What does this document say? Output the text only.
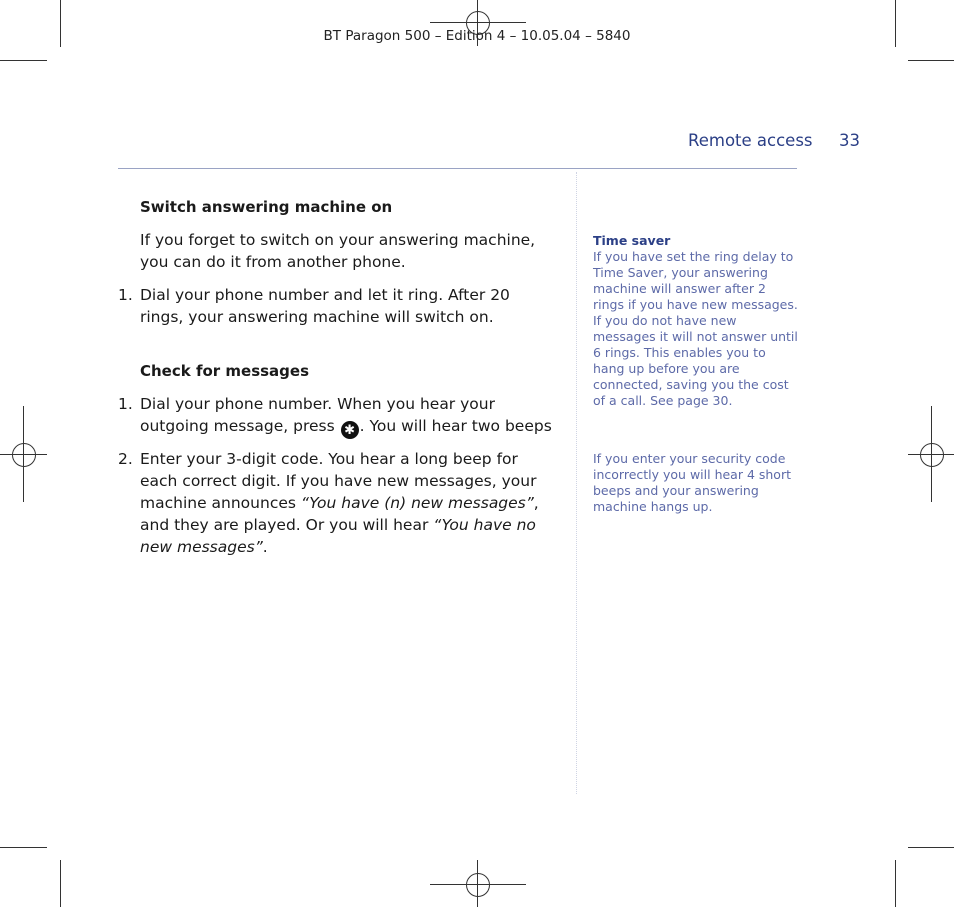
BT Paragon 500 – Edition 4 – 10.05.04 – 5840
Remote access 33
Switch answering machine on
If you forget to switch on your answering machine, you can do it from another phone.
1. Dial your phone number and let it ring. After 20 rings, your answering machine will switch on.
Check for messages
1. Dial your phone number. When you hear your outgoing message, press ✱ . You will hear two beeps
2. Enter your 3-digit code. You hear a long beep for each correct digit. If you have new messages, your machine announces “You have (n) new messages”, and they are played. Or you will hear “You have no new messages”.
Time saver
If you have set the ring delay to Time Saver, your answering machine will answer after 2 rings if you have new messages. If you do not have new messages it will not answer until 6 rings. This enables you to hang up before you are connected, saving you the cost of a call. See page 30.
If you enter your security code incorrectly you will hear 4 short beeps and your answering machine hangs up.
